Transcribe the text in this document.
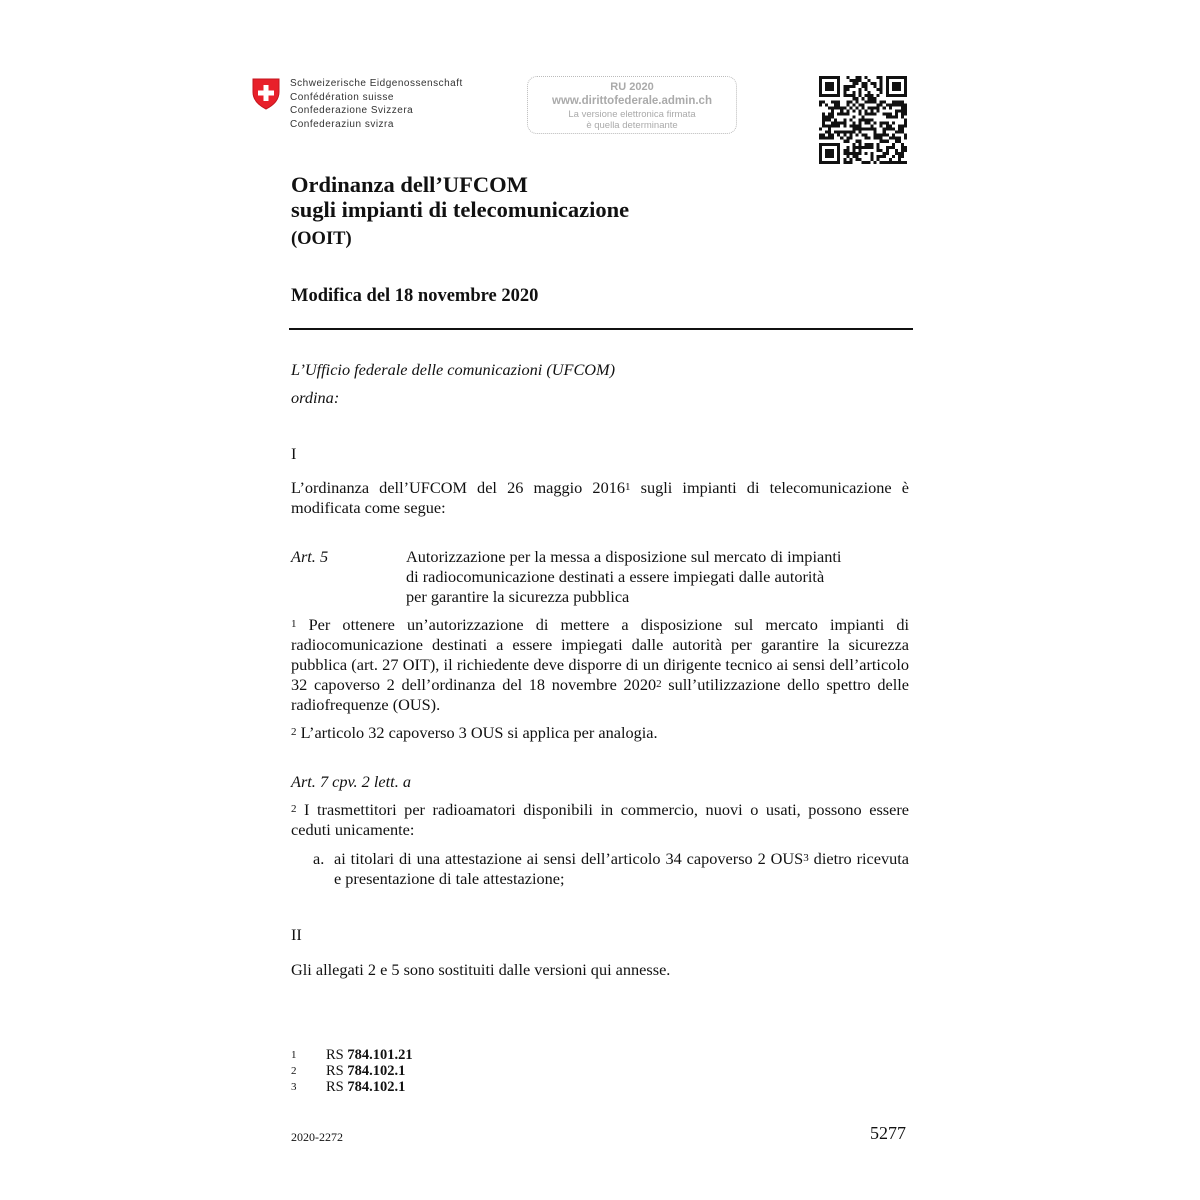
Schweizerische Eidgenossenschaft
Confédération suisse
Confederazione Svizzera
Confederaziun svizra
RU 2020
www.dirittofederale.admin.ch
La versione elettronica firmata
è quella determinante
Ordinanza dell’UFCOM
sugli impianti di telecomunicazione
(OOIT)
Modifica del 18 novembre 2020
L’Ufficio federale delle comunicazioni (UFCOM)
ordina:
I
L’ordinanza dell’UFCOM del 26 maggio 2016$^1$ sugli impianti di telecomunicazione è modificata come segue:
Art. 5	Autorizzazione per la messa a disposizione sul mercato di impianti
di radiocomunicazione destinati a essere impiegati dalle autorità
per garantire la sicurezza pubblica
$^1$ Per ottenere un’autorizzazione di mettere a disposizione sul mercato impianti di radiocomunicazione destinati a essere impiegati dalle autorità per garantire la sicurezza pubblica (art. 27 OIT), il richiedente deve disporre di un dirigente tecnico ai sensi dell’articolo 32 capoverso 2 dell’ordinanza del 18 novembre 2020$^2$ sull’utilizzazione dello spettro delle radiofrequenze (OUS).
$^2$ L’articolo 32 capoverso 3 OUS si applica per analogia.
Art. 7 cpv. 2 lett. a
$^2$ I trasmettitori per radioamatori disponibili in commercio, nuovi o usati, possono essere ceduti unicamente:
a. ai titolari di una attestazione ai sensi dell’articolo 34 capoverso 2 OUS$^3$ dietro ricevuta e presentazione di tale attestazione;
II
Gli allegati 2 e 5 sono sostituiti dalle versioni qui annesse.
1 RS 784.101.21
2 RS 784.102.1
3 RS 784.102.1
2020-2272	5277
